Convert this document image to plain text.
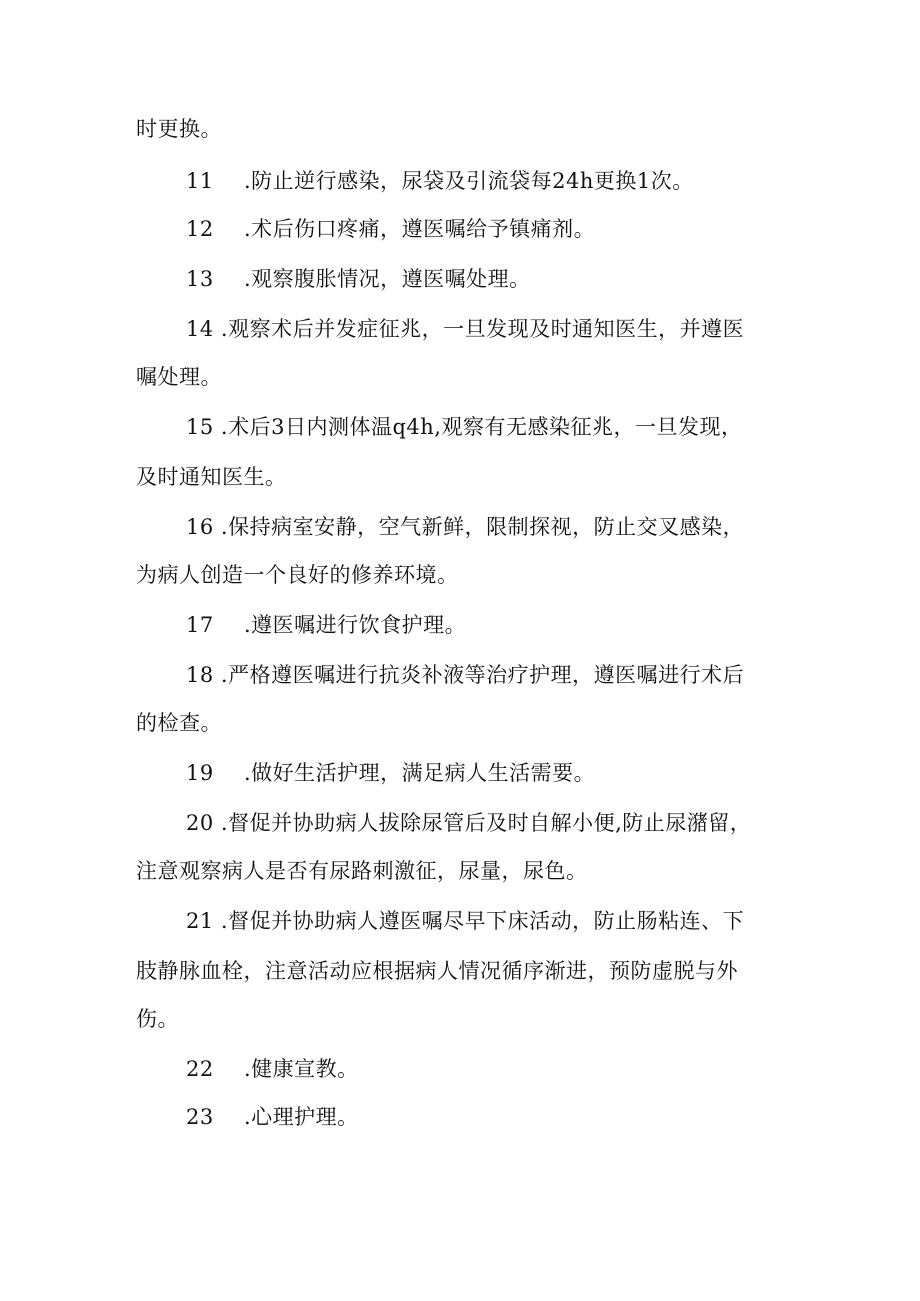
时更换。
11 .防止逆行感染，尿袋及引流袋每24h更换1次。
12 .术后伤口疼痛，遵医嘱给予镇痛剂。
13 .观察腹胀情况，遵医嘱处理。
14 .观察术后并发症征兆，一旦发现及时通知医生，并遵医
嘱处理。
15 .术后3日内测体温q4h,观察有无感染征兆，一旦发现，
及时通知医生。
16 .保持病室安静，空气新鲜，限制探视，防止交叉感染，
为病人创造一个良好的修养环境。
17 .遵医嘱进行饮食护理。
18 .严格遵医嘱进行抗炎补液等治疗护理，遵医嘱进行术后
的检查。
19 .做好生活护理，满足病人生活需要。
20 .督促并协助病人拔除尿管后及时自解小便,防止尿潴留，
注意观察病人是否有尿路刺激征，尿量，尿色。
21 .督促并协助病人遵医嘱尽早下床活动，防止肠粘连、下
肢静脉血栓，注意活动应根据病人情况循序渐进，预防虚脱与外
伤。
22 .健康宣教。
23 .心理护理。
